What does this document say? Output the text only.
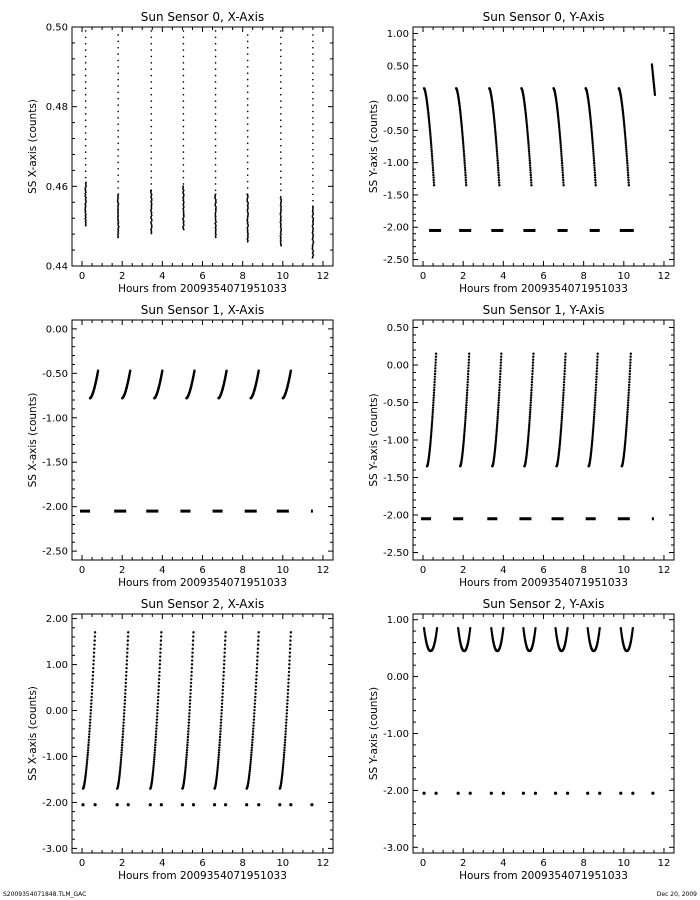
Sun Sensor 0, X-Axis
0	2	4	6	8	10	12
0.44
0.46
0.48
0.50
Hours from 2009354071951033
SS X-axis (counts)
Sun Sensor 0, Y-Axis
0	2	4	6	8	10	12
-2.50
-2.00
-1.50
-1.00
-0.50
0.00
0.50
1.00
Hours from 2009354071951033
SS Y-axis (counts)
Sun Sensor 1, X-Axis
0	2	4	6	8	10	12
-2.50
-2.00
-1.50
-1.00
-0.50
0.00
Hours from 2009354071951033
SS X-axis (counts)
Sun Sensor 1, Y-Axis
0	2	4	6	8	10	12
-2.50
-2.00
-1.50
-1.00
-0.50
0.00
0.50
Hours from 2009354071951033
SS Y-axis (counts)
Sun Sensor 2, X-Axis
0	2	4	6	8	10	12
-3.00
-2.00
-1.00
0.00
1.00
2.00
Hours from 2009354071951033
SS X-axis (counts)
Sun Sensor 2, Y-Axis
0	2	4	6	8	10	12
-3.00
-2.00
-1.00
0.00
1.00
Hours from 2009354071951033
SS Y-axis (counts)
S2009354071848.TLM_GAC	Dec 20, 2009
